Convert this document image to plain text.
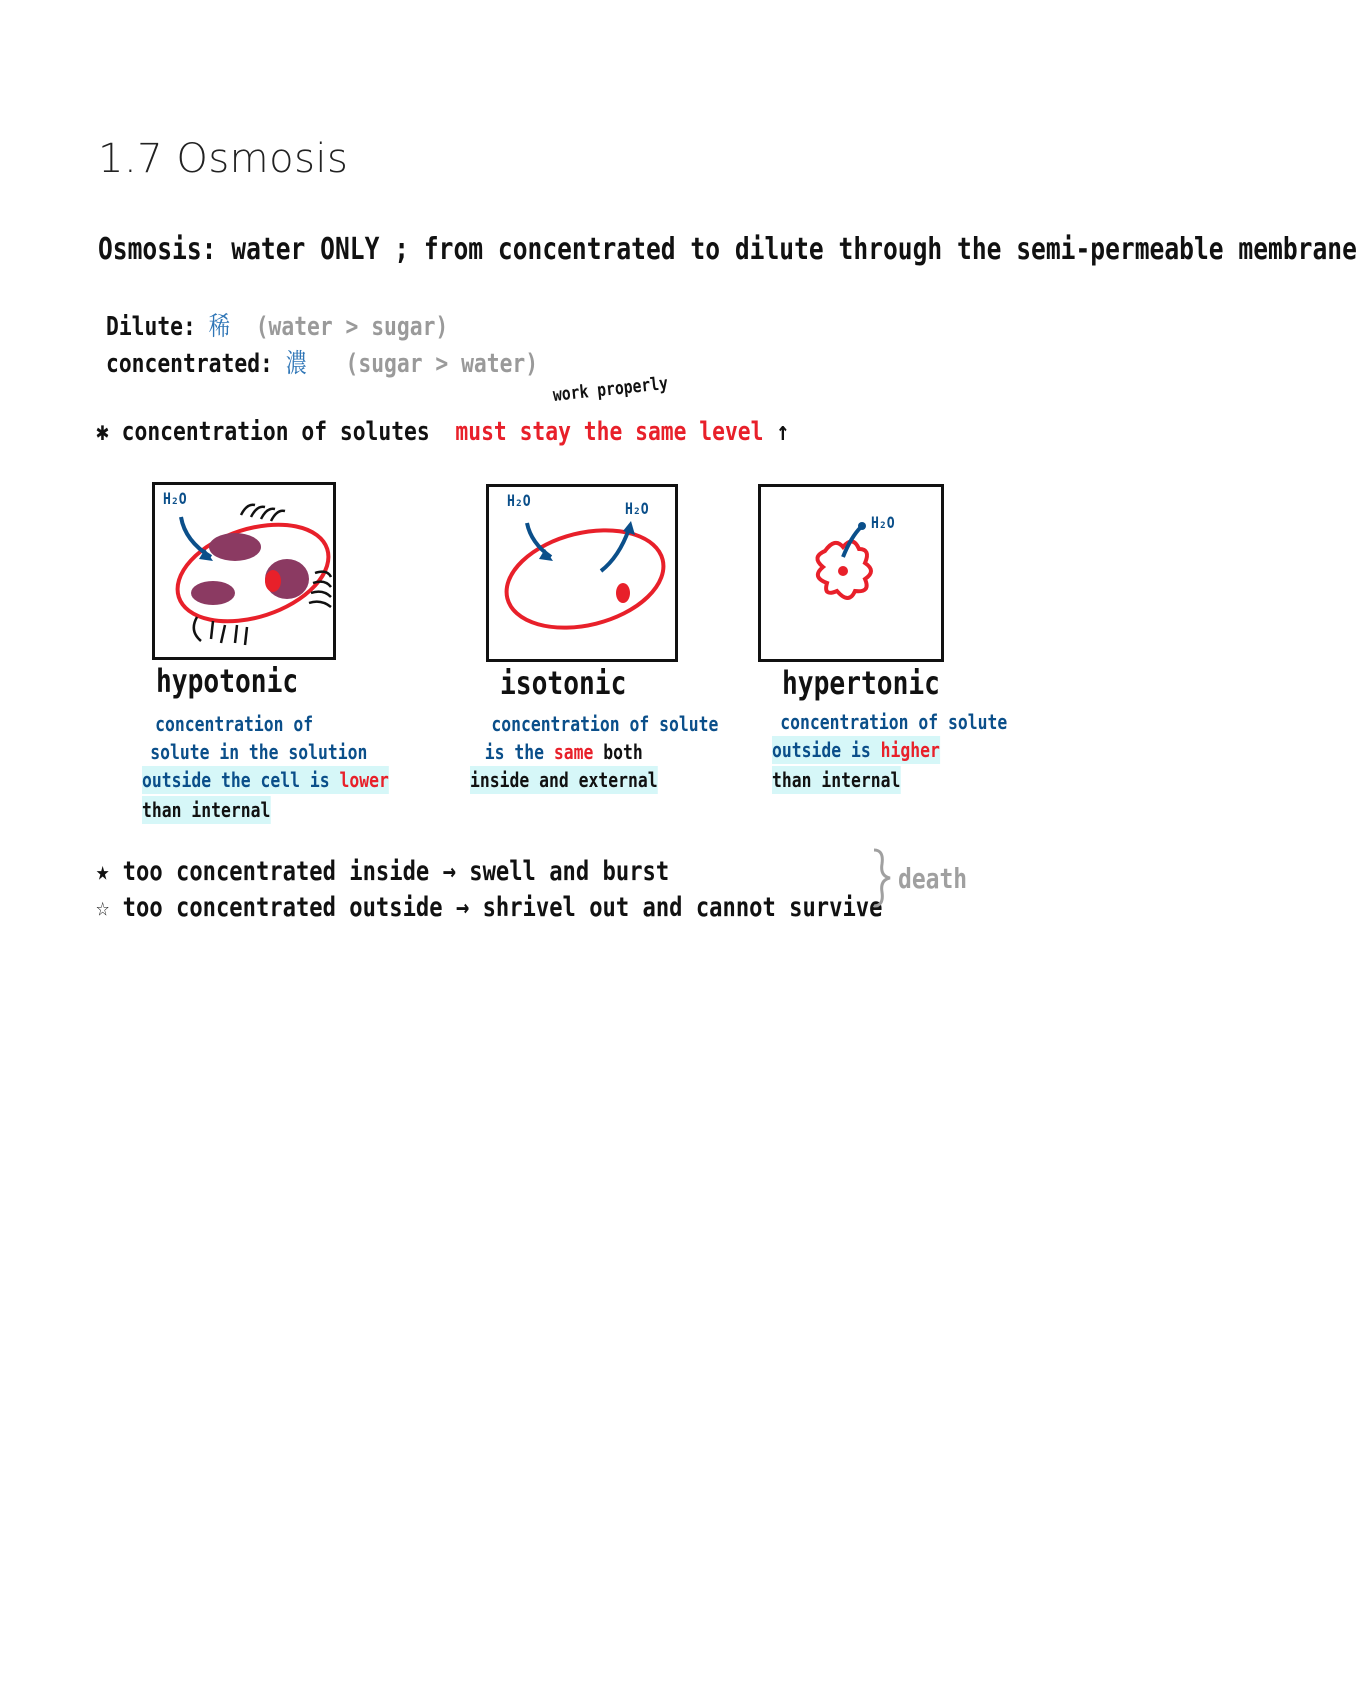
1.7 Osmosis
Osmosis: water ONLY ; from concentrated to dilute through the semi-permeable membrane
Dilute: 稀 (water > sugar)
concentrated: 濃 (sugar > water)
✱ concentration of solutes must stay the same level ↑
work properly
H₂O
hypotonic
concentration of
solute in the solution
outside the cell is lower
than internal
H₂O	H₂O
isotonic
concentration of solute
is the same both
inside and external
H₂O
hypertonic
concentration of solute
outside is higher
than internal
★ too concentrated inside → swell and burst
☆ too concentrated outside → shrivel out and cannot survive
death
